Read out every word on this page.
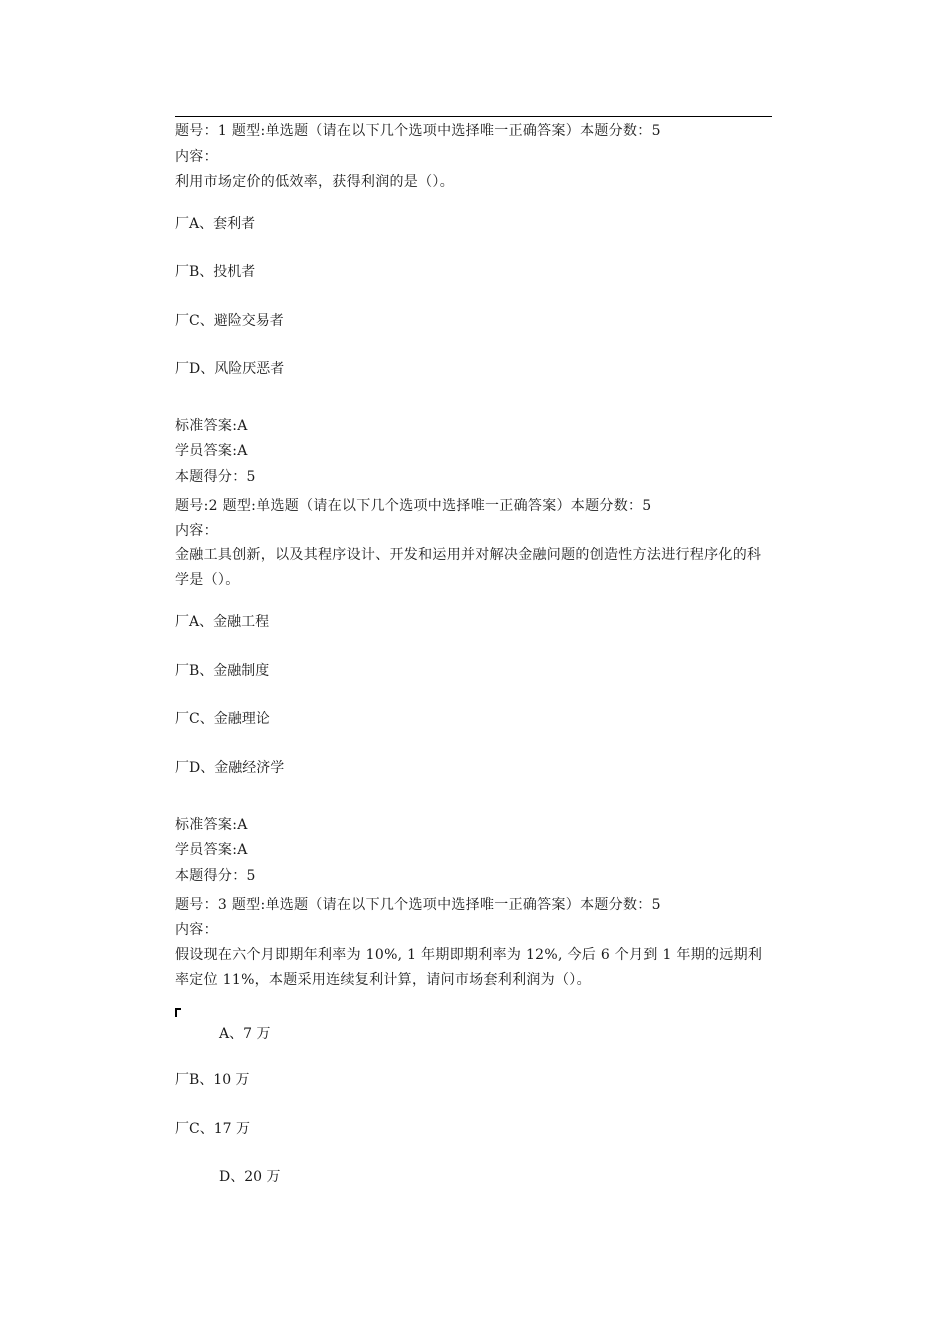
题号：1 题型:单选题（请在以下几个选项中选择唯一正确答案）本题分数：5
内容：
利用市场定价的低效率，获得利润的是（）。
厂A、套利者
厂B、投机者
厂C、避险交易者
厂D、风险厌恶者
标准答案:A
学员答案:A
本题得分：5
题号:2 题型:单选题（请在以下几个选项中选择唯一正确答案）本题分数：5
内容：
金融工具创新，以及其程序设计、开发和运用并对解决金融问题的创造性方法进行程序化的科学是（）。
厂A、金融工程
厂B、金融制度
厂C、金融理论
厂D、金融经济学
标准答案:A
学员答案:A
本题得分：5
题号：3 题型:单选题（请在以下几个选项中选择唯一正确答案）本题分数：5
内容：
假设现在六个月即期年利率为 10%, 1 年期即期利率为 12%, 今后 6 个月到 1 年期的远期利率定位 11%，本题采用连续复利计算，请问市场套利利润为（）。
A、7 万
厂B、10 万
厂C、17 万
D、20 万
